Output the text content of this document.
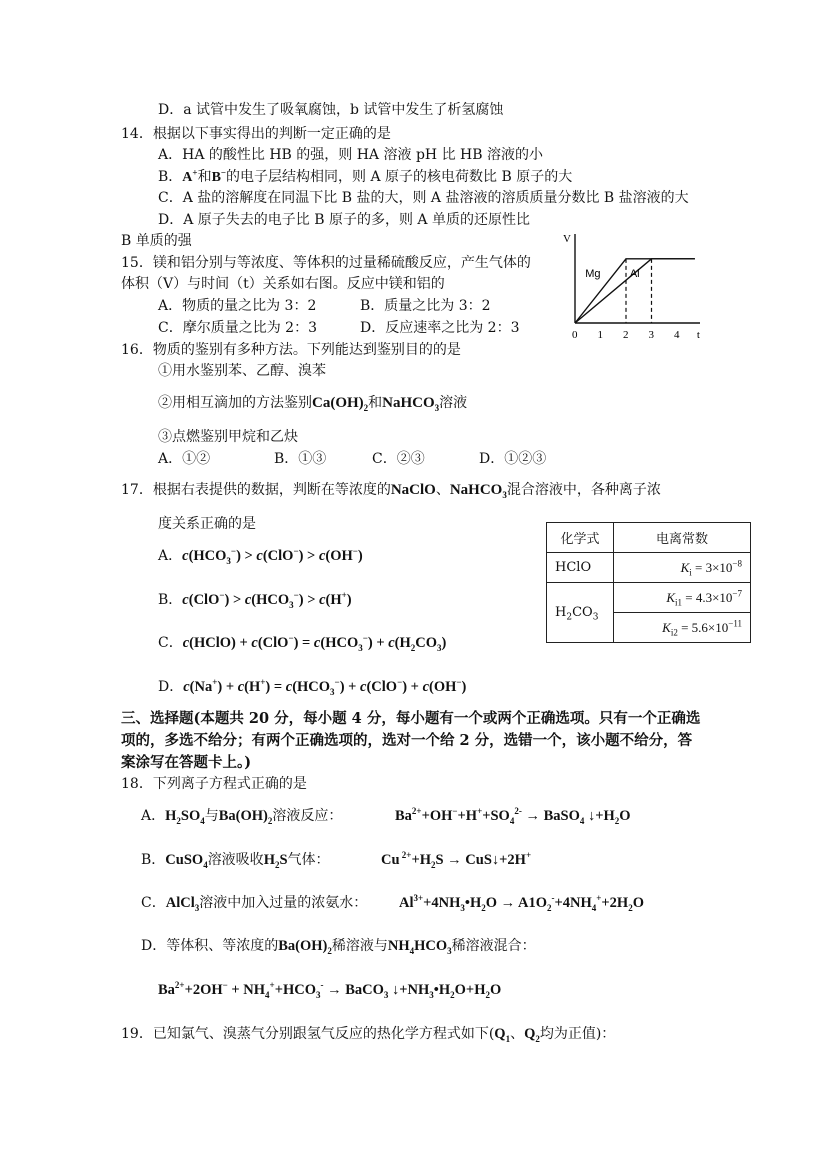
D．a 试管中发生了吸氧腐蚀，b 试管中发生了析氢腐蚀
14．根据以下事实得出的判断一定正确的是
A．HA 的酸性比 HB 的强，则 HA 溶液 pH 比 HB 溶液的小
B．A+和B−的电子层结构相同，则 A 原子的核电荷数比 B 原子的大
C．A 盐的溶解度在同温下比 B 盐的大，则 A 盐溶液的溶质质量分数比 B 盐溶液的大
D．A 原子失去的电子比 B 原子的多，则 A 单质的还原性比
B 单质的强
15．镁和铝分别与等浓度、等体积的过量稀硫酸反应，产生气体的
体积（V）与时间（t）关系如右图。反应中镁和铝的
A．物质的量之比为 3：2	B．质量之比为 3：2
C．摩尔质量之比为 2：3	D．反应速率之比为 2：3
V
t
0 1 2 3 4
Mg	Al
16．物质的鉴别有多种方法。下列能达到鉴别目的的是
①用水鉴别苯、乙醇、溴苯
②用相互滴加的方法鉴别$Ca(OH)_2$和NaHCO$_3$溶液
③点燃鉴别甲烷和乙炔
A．①②	B．①③	C．②③	D．①②③
17．根据右表提供的数据，判断在等浓度的NaClO、NaHCO$_3$混合溶液中，各种离子浓
度关系正确的是
A．$c(HCO_3^-) > c(ClO^-) > c(OH^-)$
B．$c(ClO^-) > c(HCO_3^-) > c(H^+)$
C．c(HClO) + $c(ClO^-) = c(HCO_3^-) + c(H_2CO_3)$
D．$c(Na^+) + c(H^+) = c(HCO_3^-) + c(ClO^-) + c(OH^-)$
化学式	电离常数
HClO	$K_i = 3\times 10^{-8}$
$H_2CO_3$	$K_{i1} = 4.3\times 10^{-7}$
	$K_{i2} = 5.6\times 10^{-11}$
三、选择题(本题共 20 分，每小题 4 分，每小题有一个或两个正确选项。只有一个正确选
项的，多选不给分；有两个正确选项的，选对一个给 2 分，选错一个，该小题不给分，答
案涂写在答题卡上。)
18．下列离子方程式正确的是
A．$H_2SO_4$与$Ba(OH)_2$溶液反应：	$Ba^{2+}+OH^-+H^++SO_4^{2-}$ → BaSO$_4$ $↓+H_2O$
B．CuSO$_4$溶液吸收$H_2S$气体：	Cu $^{2+}+H_2S$ → CuS↓+2H+
C．AlCl$_3$溶液中加入过量的浓氨水： $Al^{3+}+4NH_3•H_2O \to A1O_2^-+4NH_4^++2H_2O$
D．等体积、等浓度的$Ba(OH)_2$稀溶液与$NH_4HCO_3$稀溶液混合：
$Ba^{2+}+2OH^- + NH_4^++HCO_3^-$ → BaCO$_3$ $↓+NH_3•H_2O+H_2O$
19．已知氯气、溴蒸气分别跟氢气反应的热化学方程式如下($Q_1$、$Q_2$均为正值)：
